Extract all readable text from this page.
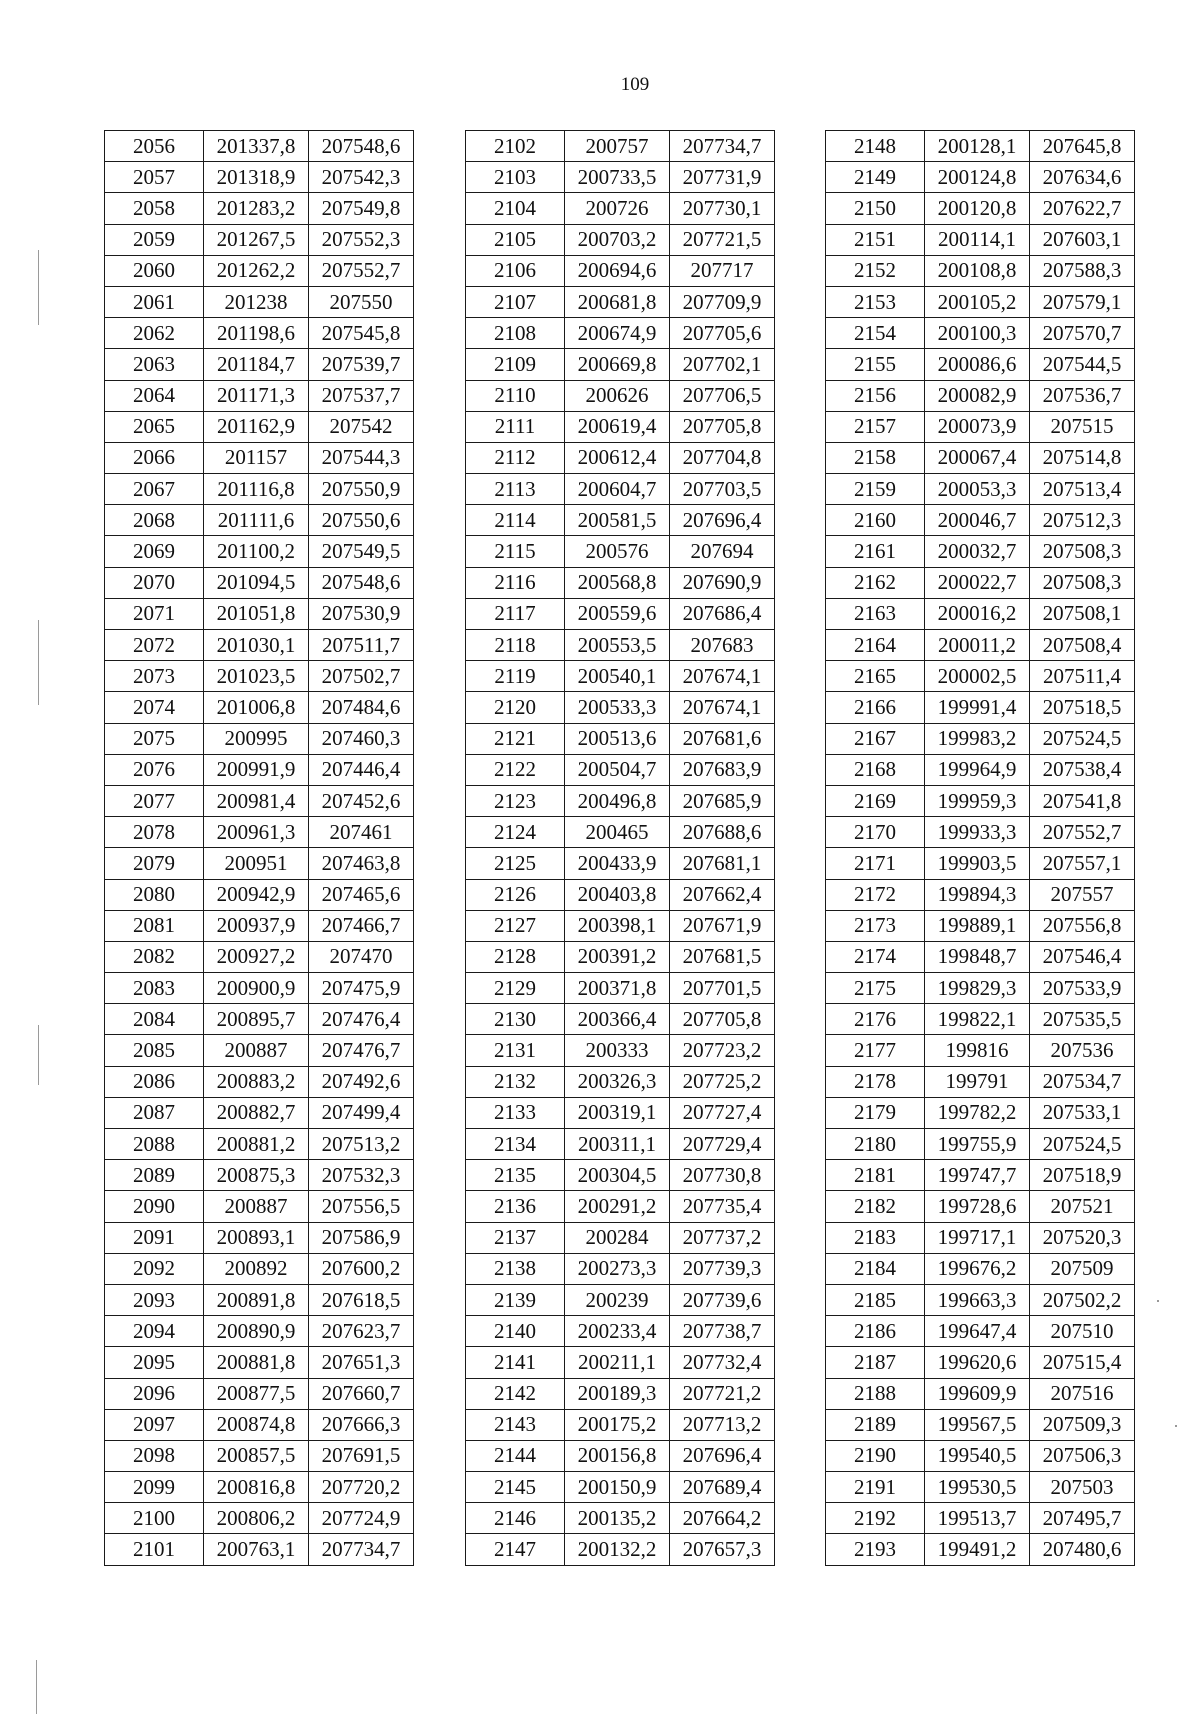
109
2056	201337,8	207548,6
2057	201318,9	207542,3
2058	201283,2	207549,8
2059	201267,5	207552,3
2060	201262,2	207552,7
2061	201238	207550
2062	201198,6	207545,8
2063	201184,7	207539,7
2064	201171,3	207537,7
2065	201162,9	207542
2066	201157	207544,3
2067	201116,8	207550,9
2068	201111,6	207550,6
2069	201100,2	207549,5
2070	201094,5	207548,6
2071	201051,8	207530,9
2072	201030,1	207511,7
2073	201023,5	207502,7
2074	201006,8	207484,6
2075	200995	207460,3
2076	200991,9	207446,4
2077	200981,4	207452,6
2078	200961,3	207461
2079	200951	207463,8
2080	200942,9	207465,6
2081	200937,9	207466,7
2082	200927,2	207470
2083	200900,9	207475,9
2084	200895,7	207476,4
2085	200887	207476,7
2086	200883,2	207492,6
2087	200882,7	207499,4
2088	200881,2	207513,2
2089	200875,3	207532,3
2090	200887	207556,5
2091	200893,1	207586,9
2092	200892	207600,2
2093	200891,8	207618,5
2094	200890,9	207623,7
2095	200881,8	207651,3
2096	200877,5	207660,7
2097	200874,8	207666,3
2098	200857,5	207691,5
2099	200816,8	207720,2
2100	200806,2	207724,9
2101	200763,1	207734,7
2102	200757	207734,7
2103	200733,5	207731,9
2104	200726	207730,1
2105	200703,2	207721,5
2106	200694,6	207717
2107	200681,8	207709,9
2108	200674,9	207705,6
2109	200669,8	207702,1
2110	200626	207706,5
2111	200619,4	207705,8
2112	200612,4	207704,8
2113	200604,7	207703,5
2114	200581,5	207696,4
2115	200576	207694
2116	200568,8	207690,9
2117	200559,6	207686,4
2118	200553,5	207683
2119	200540,1	207674,1
2120	200533,3	207674,1
2121	200513,6	207681,6
2122	200504,7	207683,9
2123	200496,8	207685,9
2124	200465	207688,6
2125	200433,9	207681,1
2126	200403,8	207662,4
2127	200398,1	207671,9
2128	200391,2	207681,5
2129	200371,8	207701,5
2130	200366,4	207705,8
2131	200333	207723,2
2132	200326,3	207725,2
2133	200319,1	207727,4
2134	200311,1	207729,4
2135	200304,5	207730,8
2136	200291,2	207735,4
2137	200284	207737,2
2138	200273,3	207739,3
2139	200239	207739,6
2140	200233,4	207738,7
2141	200211,1	207732,4
2142	200189,3	207721,2
2143	200175,2	207713,2
2144	200156,8	207696,4
2145	200150,9	207689,4
2146	200135,2	207664,2
2147	200132,2	207657,3
2148	200128,1	207645,8
2149	200124,8	207634,6
2150	200120,8	207622,7
2151	200114,1	207603,1
2152	200108,8	207588,3
2153	200105,2	207579,1
2154	200100,3	207570,7
2155	200086,6	207544,5
2156	200082,9	207536,7
2157	200073,9	207515
2158	200067,4	207514,8
2159	200053,3	207513,4
2160	200046,7	207512,3
2161	200032,7	207508,3
2162	200022,7	207508,3
2163	200016,2	207508,1
2164	200011,2	207508,4
2165	200002,5	207511,4
2166	199991,4	207518,5
2167	199983,2	207524,5
2168	199964,9	207538,4
2169	199959,3	207541,8
2170	199933,3	207552,7
2171	199903,5	207557,1
2172	199894,3	207557
2173	199889,1	207556,8
2174	199848,7	207546,4
2175	199829,3	207533,9
2176	199822,1	207535,5
2177	199816	207536
2178	199791	207534,7
2179	199782,2	207533,1
2180	199755,9	207524,5
2181	199747,7	207518,9
2182	199728,6	207521
2183	199717,1	207520,3
2184	199676,2	207509
2185	199663,3	207502,2
2186	199647,4	207510
2187	199620,6	207515,4
2188	199609,9	207516
2189	199567,5	207509,3
2190	199540,5	207506,3
2191	199530,5	207503
2192	199513,7	207495,7
2193	199491,2	207480,6
